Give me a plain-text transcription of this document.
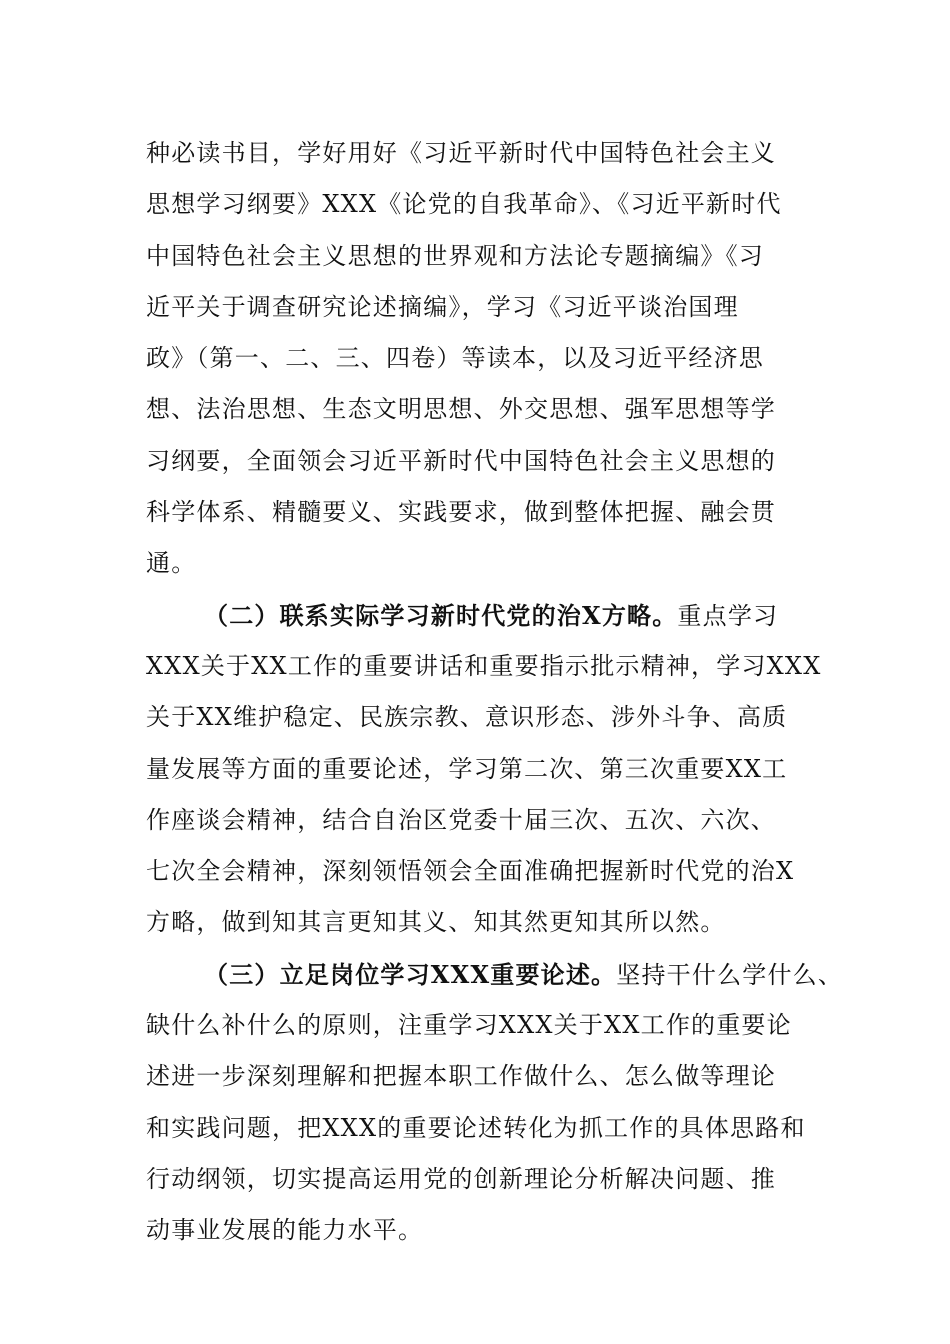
种必读书目，学好用好《习近平新时代中国特色社会主义
思想学习纲要》XXX《论党的自我革命》、《习近平新时代
中国特色社会主义思想的世界观和方法论专题摘编》《习
近平关于调查研究论述摘编》，学习《习近平谈治国理
政》（第一、二、三、四卷）等读本，以及习近平经济思
想、法治思想、生态文明思想、外交思想、强军思想等学
习纲要，全面领会习近平新时代中国特色社会主义思想的
科学体系、精髓要义、实践要求，做到整体把握、融会贯
通。
（二）联系实际学习新时代党的治X方略。重点学习
XXX关于XX工作的重要讲话和重要指示批示精神，学习XXX
关于XX维护稳定、民族宗教、意识形态、涉外斗争、高质
量发展等方面的重要论述，学习第二次、第三次重要XX工
作座谈会精神，结合自治区党委十届三次、五次、六次、
七次全会精神，深刻领悟领会全面准确把握新时代党的治X
方略，做到知其言更知其义、知其然更知其所以然。
（三）立足岗位学习XXX重要论述。坚持干什么学什么、
缺什么补什么的原则，注重学习XXX关于XX工作的重要论
述进一步深刻理解和把握本职工作做什么、怎么做等理论
和实践问题，把XXX的重要论述转化为抓工作的具体思路和
行动纲领，切实提高运用党的创新理论分析解决问题、推
动事业发展的能力水平。
